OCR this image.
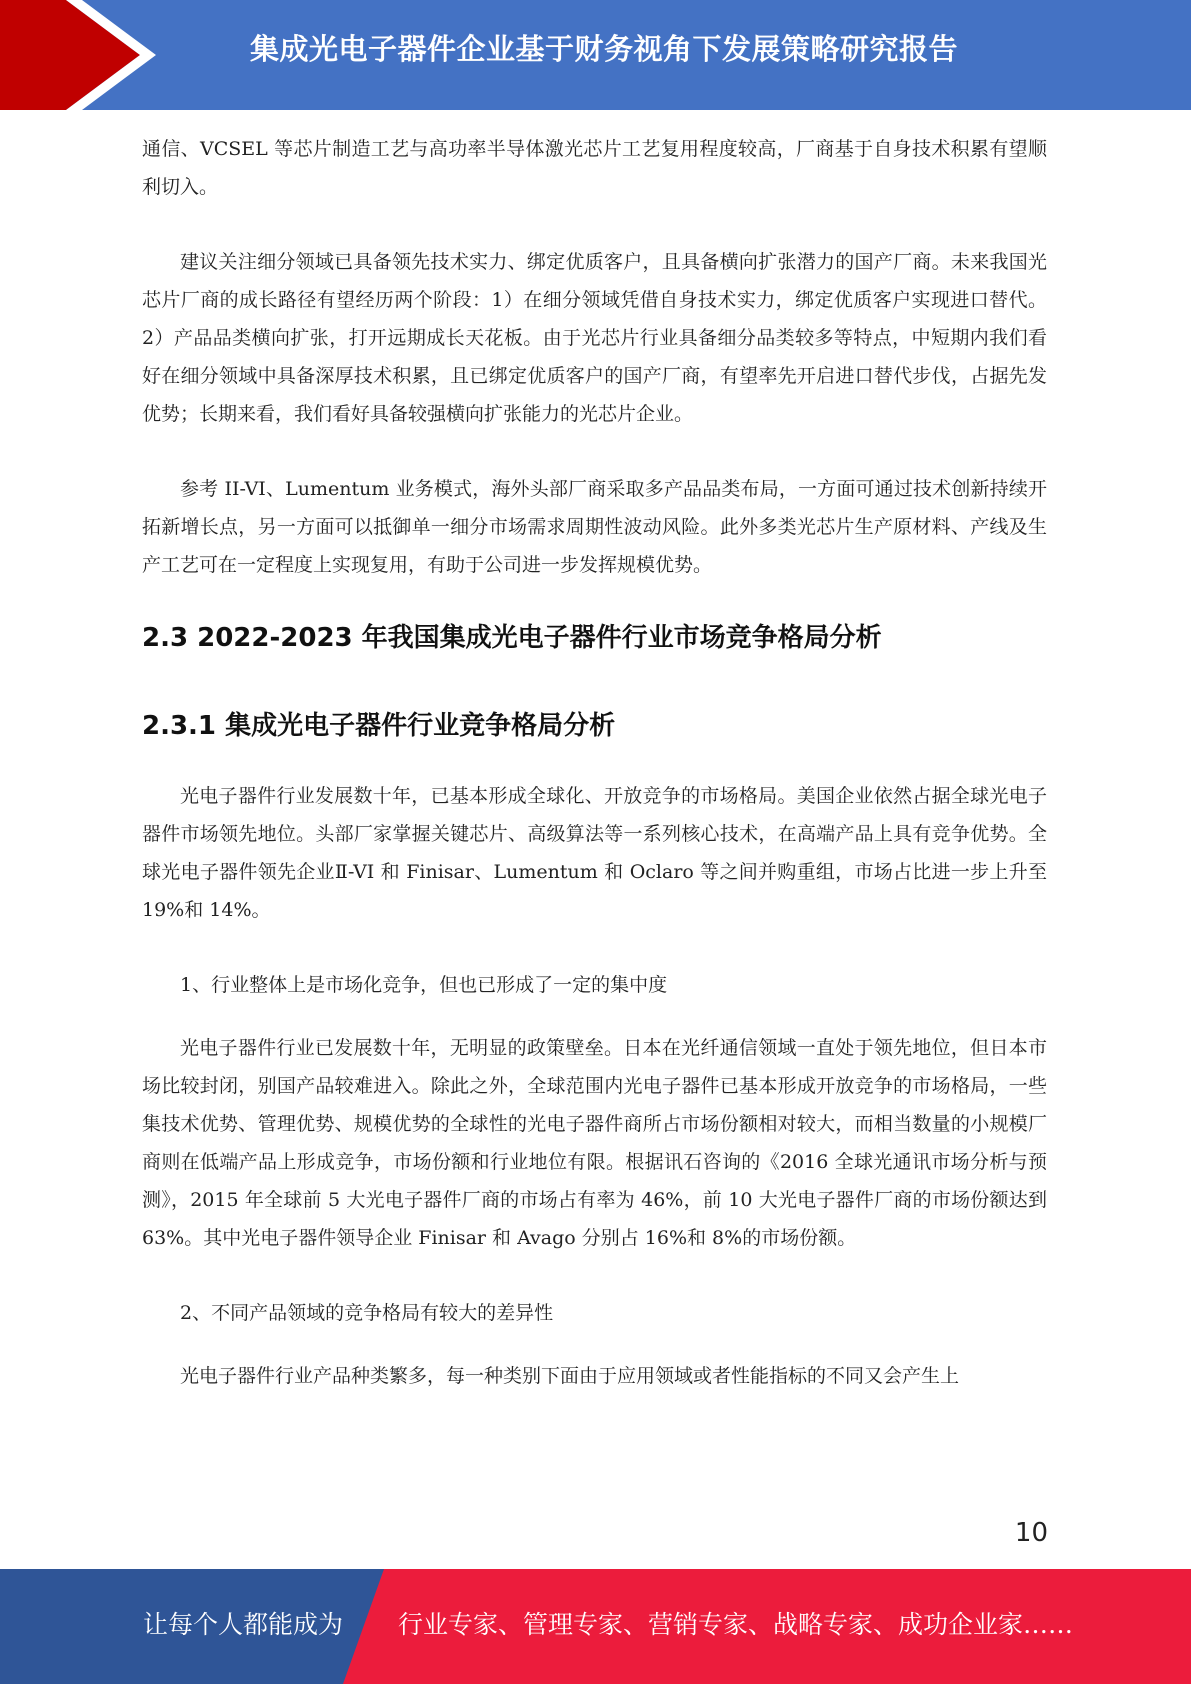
集成光电子器件企业基于财务视角下发展策略研究报告

通信、VCSEL 等芯片制造工艺与高功率半导体激光芯片工艺复用程度较高，厂商基于自身技术积累有望顺利切入。

建议关注细分领域已具备领先技术实力、绑定优质客户，且具备横向扩张潜力的国产厂商。未来我国光芯片厂商的成长路径有望经历两个阶段：1）在细分领域凭借自身技术实力，绑定优质客户实现进口替代。2）产品品类横向扩张，打开远期成长天花板。由于光芯片行业具备细分品类较多等特点，中短期内我们看好在细分领域中具备深厚技术积累，且已绑定优质客户的国产厂商，有望率先开启进口替代步伐，占据先发优势；长期来看，我们看好具备较强横向扩张能力的光芯片企业。

参考 II-VI、Lumentum 业务模式，海外头部厂商采取多产品品类布局，一方面可通过技术创新持续开拓新增长点，另一方面可以抵御单一细分市场需求周期性波动风险。此外多类光芯片生产原材料、产线及生产工艺可在一定程度上实现复用，有助于公司进一步发挥规模优势。

2.3 2022-2023 年我国集成光电子器件行业市场竞争格局分析
2.3.1 集成光电子器件行业竞争格局分析

光电子器件行业发展数十年，已基本形成全球化、开放竞争的市场格局。美国企业依然占据全球光电子器件市场领先地位。头部厂家掌握关键芯片、高级算法等一系列核心技术，在高端产品上具有竞争优势。全球光电子器件领先企业Ⅱ-VI 和 Finisar、Lumentum 和 Oclaro 等之间并购重组，市场占比进一步上升至 19%和 14%。

1、行业整体上是市场化竞争，但也已形成了一定的集中度

光电子器件行业已发展数十年，无明显的政策壁垒。日本在光纤通信领域一直处于领先地位，但日本市场比较封闭，别国产品较难进入。除此之外，全球范围内光电子器件已基本形成开放竞争的市场格局，一些集技术优势、管理优势、规模优势的全球性的光电子器件商所占市场份额相对较大，而相当数量的小规模厂商则在低端产品上形成竞争，市场份额和行业地位有限。根据讯石咨询的《2016 全球光通讯市场分析与预测》，2015 年全球前 5 大光电子器件厂商的市场占有率为 46%，前 10 大光电子器件厂商的市场份额达到 63%。其中光电子器件领导企业 Finisar 和 Avago 分别占 16%和 8%的市场份额。

2、不同产品领域的竞争格局有较大的差异性

光电子器件行业产品种类繁多，每一种类别下面由于应用领域或者性能指标的不同又会产生上

10
让每个人都能成为 行业专家、管理专家、营销专家、战略专家、成功企业家……
